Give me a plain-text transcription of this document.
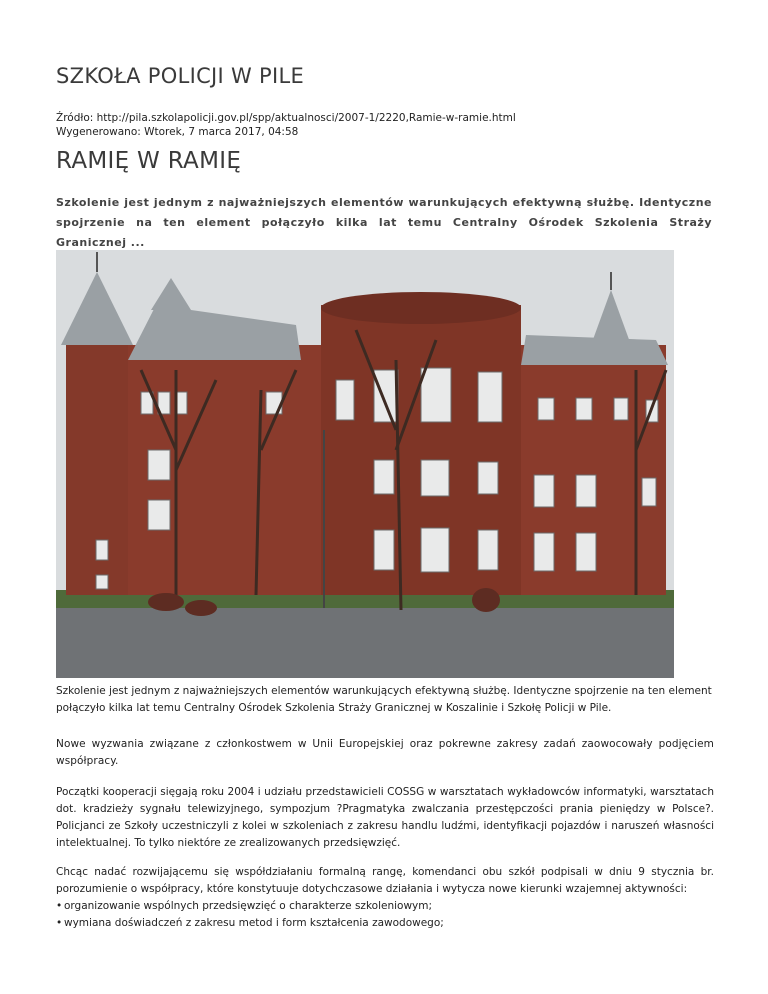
SZKOŁA POLICJI W PILE
Źródło: http://pila.szkolapolicji.gov.pl/spp/aktualnosci/2007-1/2220,Ramie-w-ramie.html
Wygenerowano: Wtorek, 7 marca 2017, 04:58
RAMIĘ W RAMIĘ
Szkolenie jest jednym z najważniejszych elementów warunkujących efektywną służbę. Identyczne spojrzenie na ten element połączyło kilka lat temu Centralny Ośrodek Szkolenia Straży Granicznej ...
Szkolenie jest jednym z najważniejszych elementów warunkujących efektywną służbę. Identyczne spojrzenie na ten element połączyło kilka lat temu Centralny Ośrodek Szkolenia Straży Granicznej w Koszalinie i Szkołę Policji w Pile.

Nowe wyzwania związane z członkostwem w Unii Europejskiej oraz pokrewne zakresy zadań zaowocowały podjęciem współpracy.

Początki kooperacji sięgają roku 2004 i udziału przedstawicieli COSSG w warsztatach wykładowców informatyki, warsztatach dot. kradzieży sygnału telewizyjnego, sympozjum ?Pragmatyka zwalczania przestępczości prania pieniędzy w Polsce?. Policjanci ze Szkoły uczestniczyli z kolei w szkoleniach z zakresu handlu ludźmi, identyfikacji pojazdów i naruszeń własności intelektualnej. To tylko niektóre ze zrealizowanych przedsięwzięć.

Chcąc nadać rozwijającemu się współdziałaniu formalną rangę, komendanci obu szkół podpisali w dniu 9 stycznia br. porozumienie o współpracy, które konstytuuje dotychczasowe działania i wytycza nowe kierunki wzajemnej aktywności:

• organizowanie wspólnych przedsięwzięć o charakterze szkoleniowym;
• wymiana doświadczeń z zakresu metod i form kształcenia zawodowego;
